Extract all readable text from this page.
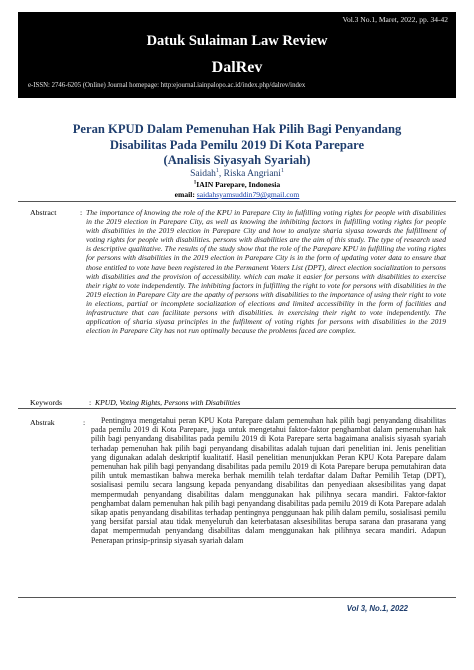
Vol.3 No.1, Maret, 2022, pp. 34-42
Datuk Sulaiman Law Review
DalRev
e-ISSN: 2746-6205 (Online) Journal homepage: http:ejournal.iainpalopo.ac.id/index.php/dalrev/index
Peran KPUD Dalam Pemenuhan Hak Pilih Bagi Penyandang
Disabilitas Pada Pemilu 2019 Di Kota Parepare
(Analisis Siyasyah Syariah)
Saidah$^1$, Riska Angriani$^1$
$^1$IAIN Parepare, Indonesia
email: saidahsyamsuddin79@gmail.com
Abstract	: The importance of knowing the role of the KPU in Parepare City in fulfilling voting rights for people with disabilities in the 2019 election in Parepare City, as well as knowing the inhibiting factors in fulfilling voting rights for people with disabilities in the 2019 election in Parepare City and how to analyze sharia siyasa towards the fulfillment of voting rights for people with disabilities. persons with disabilities are the aim of this study. The type of research used is descriptive qualitative. The results of the study show that the role of the Parepare KPU in fulfilling the voting rights for persons with disabilities in the 2019 election in Parepare City is in the form of updating voter data to ensure that those entitled to vote have been registered in the Permanent Voters List (DPT), direct election socialization to persons with disabilities and the provision of accessibility. which can make it easier for persons with disabilities to exercise their right to vote independently. The inhibiting factors in fulfilling the right to vote for persons with disabilities in the 2019 election in Parepare City are the apathy of persons with disabilities to the importance of using their right to vote in elections, partial or incomplete socialization of elections and limited accessibility in the form of facilities and infrastructure that can facilitate persons with disabilities. in exercising their right to vote independently. The application of sharia siyasa principles in the fulfilment of voting rights for persons with disabilities in the 2019 election in Parepare City has not run optimally because the problems faced are complex.
Keywords	: KPUD, Voting Rights, Persons with Disabilities
Abstrak	:	Pentingnya mengetahui peran KPU Kota Parepare dalam pemenuhan hak pilih bagi penyandang disabilitas pada pemilu 2019 di Kota Parepare, juga untuk mengetahui faktor-faktor penghambat dalam pemenuhan hak pilih bagi penyandang disabilitas pada pemilu 2019 di Kota Parepare serta bagaimana analisis siyasah syariah terhadap pemenuhan hak pilih bagi penyandang disabilitas adalah tujuan dari penelitian ini. Jenis penelitian yang digunakan adalah deskriptif kualitatif. Hasil penelitian menunjukkan Peran KPU Kota Parepare dalam pemenuhan hak pilih bagi penyandang disabilitas pada pemilu 2019 di Kota Parepare berupa pemutahiran data pilih untuk memastikan bahwa mereka berhak memilih telah terdaftar dalam Daftar Pemilih Tetap (DPT), sosialisasi pemilu secara langsung kepada penyandang disabilitas dan penyediaan aksesibilitas yang dapat mempermudah penyandang disabilitas dalam menggunakan hak pilihnya secara mandiri. Faktor-faktor penghambat dalam pemenuhan hak pilih bagi penyandang disabilitas pada pemilu 2019 di Kota Parepare adalah sikap apatis penyandang disabilitas terhadap pentingnya penggunaan hak pilih dalam pemilu, sosialisasi pemilu yang bersifat parsial atau tidak menyeluruh dan keterbatasan aksesibilitas berupa sarana dan prasarana yang dapat mempermudah penyandang disabilitas dalam menggunakan hak pilihnya secara mandiri. Adapun Penerapan prinsip-prinsip siyasah syariah dalam
Vol 3, No.1, 2022
